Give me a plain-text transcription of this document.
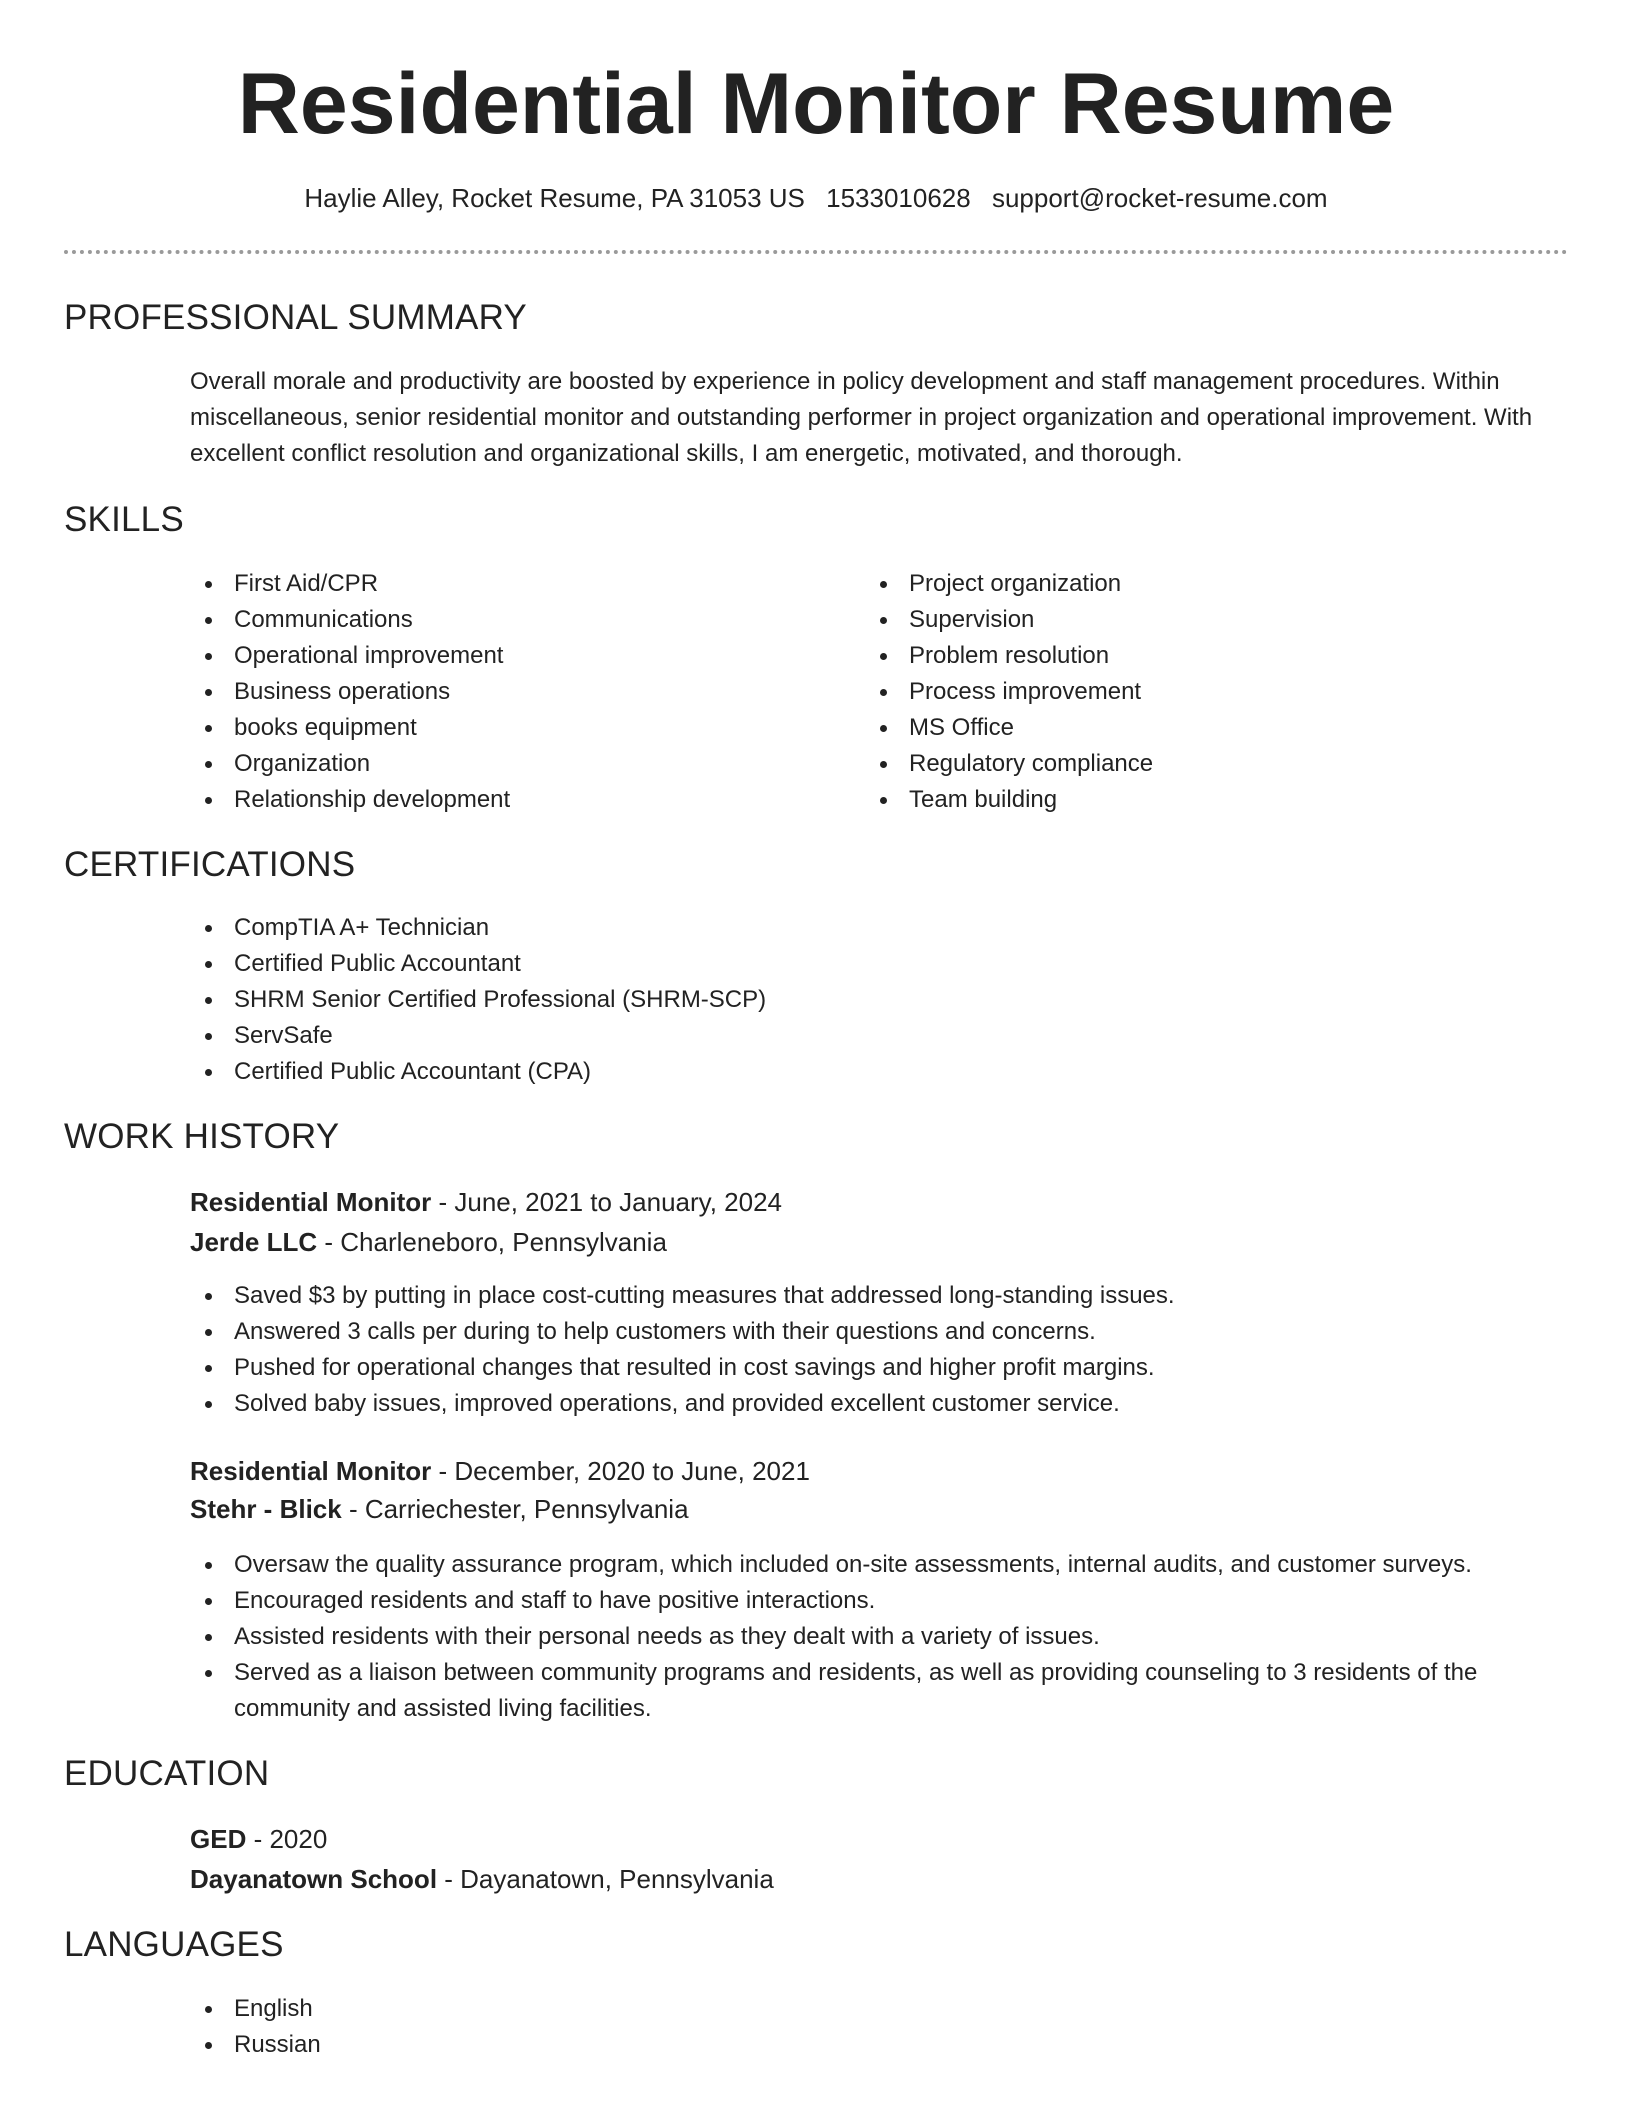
Residential Monitor Resume
Haylie Alley, Rocket Resume, PA 31053 US 1533010628 support@rocket-resume.com
PROFESSIONAL SUMMARY

Overall morale and productivity are boosted by experience in policy development and staff management procedures. Within miscellaneous, senior residential monitor and outstanding performer in project organization and operational improvement. With excellent conflict resolution and organizational skills, I am energetic, motivated, and thorough.

SKILLS
First Aid/CPR
Communications
Operational improvement
Business operations
books equipment
Organization
Relationship development
Project organization
Supervision
Problem resolution
Process improvement
MS Office
Regulatory compliance
Team building
CERTIFICATIONS
CompTIA A+ Technician
Certified Public Accountant
SHRM Senior Certified Professional (SHRM-SCP)
ServSafe
Certified Public Accountant (CPA)
WORK HISTORY
Residential Monitor - June, 2021 to January, 2024
Jerde LLC - Charleneboro, Pennsylvania
Saved $3 by putting in place cost-cutting measures that addressed long-standing issues.
Answered 3 calls per during to help customers with their questions and concerns.
Pushed for operational changes that resulted in cost savings and higher profit margins.
Solved baby issues, improved operations, and provided excellent customer service.
Residential Monitor - December, 2020 to June, 2021
Stehr - Blick - Carriechester, Pennsylvania
Oversaw the quality assurance program, which included on-site assessments, internal audits, and customer surveys.
Encouraged residents and staff to have positive interactions.
Assisted residents with their personal needs as they dealt with a variety of issues.
Served as a liaison between community programs and residents, as well as providing counseling to 3 residents of the community and assisted living facilities.
EDUCATION
GED - 2020
Dayanatown School - Dayanatown, Pennsylvania
LANGUAGES
English
Russian
